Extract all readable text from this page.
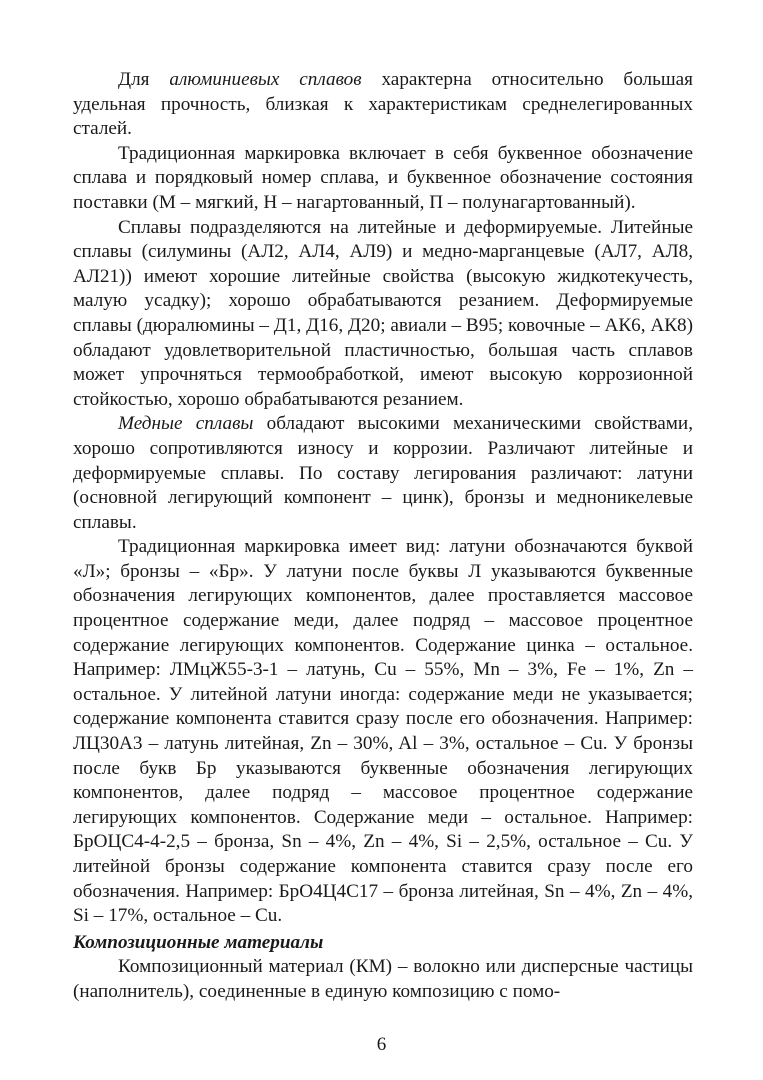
Для алюминиевых сплавов характерна относительно большая удельная прочность, близкая к характеристикам среднелегированных сталей.

Традиционная маркировка включает в себя буквенное обозначение сплава и порядковый номер сплава, и буквенное обозначение состояния поставки (М – мягкий, Н – нагартованный, П – полунагартованный).

Сплавы подразделяются на литейные и деформируемые. Литейные сплавы (силумины (АЛ2, АЛ4, АЛ9) и медно-марганцевые (АЛ7, АЛ8, АЛ21)) имеют хорошие литейные свойства (высокую жидкотекучесть, малую усадку); хорошо обрабатываются резанием. Деформируемые сплавы (дюралюмины – Д1, Д16, Д20; авиали – В95; ковочные – АК6, АК8) обладают удовлетворительной пластичностью, большая часть сплавов может упрочняться термообработкой, имеют высокую коррозионной стойкостью, хорошо обрабатываются резанием.

Медные сплавы обладают высокими механическими свойствами, хорошо сопротивляются износу и коррозии. Различают литейные и деформируемые сплавы. По составу легирования различают: латуни (основной легирующий компонент – цинк), бронзы и медноникелевые сплавы.

Традиционная маркировка имеет вид: латуни обозначаются буквой «Л»; бронзы – «Бр». У латуни после буквы Л указываются буквенные обозначения легирующих компонентов, далее проставляется массовое процентное содержание меди, далее подряд – массовое процентное содержание легирующих компонентов. Содержание цинка – остальное. Например: ЛМцЖ55-3-1 – латунь, Cu – 55%, Mn – 3%, Fe – 1%, Zn – остальное. У литейной латуни иногда: содержание меди не указывается; содержание компонента ставится сразу после его обозначения. Например: ЛЦ30А3 – латунь литейная, Zn – 30%, Al – 3%, остальное – Cu. У бронзы после букв Бр указываются буквенные обозначения легирующих компонентов, далее подряд – массовое процентное содержание легирующих компонентов. Содержание меди – остальное. Например: БрОЦС4-4-2,5 – бронза, Sn – 4%, Zn – 4%, Si – 2,5%, остальное – Cu. У литейной бронзы содержание компонента ставится сразу после его обозначения. Например: БрО4Ц4С17 – бронза литейная, Sn – 4%, Zn – 4%, Si – 17%, остальное – Cu.

Композиционные материалы

Композиционный материал (КМ) – волокно или дисперсные частицы (наполнитель), соединенные в единую композицию с помо-

6
